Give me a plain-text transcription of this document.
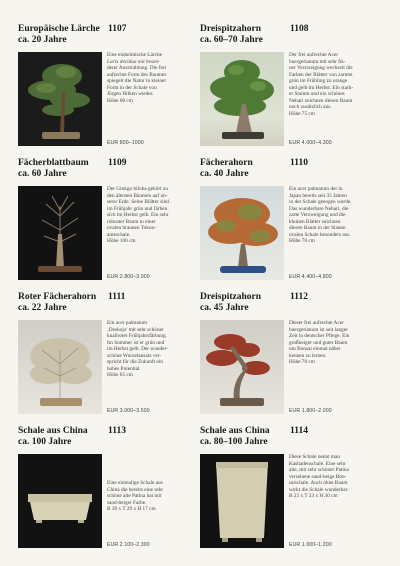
Europäische Lärche
ca. 20 Jahre
1107
Eine einheimische Lärche
Larix decidua mit besen-
derer Ausstrahlung. Die frei
aufrechte Form des Baumes
spiegelt die Natur in kleiner
Form in der Schale von
Jürgen Hilken wieder.
Höhe 60 cm
EUR 800–1000
Dreispitzahorn
ca. 60–70 Jahre
1108
Der frei aufrechte Acer
buergerianum mit sehr fei-
ner Verzweigung wechselt die
Farben der Blätter von zartem
grün im Frühling zu orange
und gelb im Herbst. Ein stark-
er Stamm und ein schönes
Nebari zeichnen diesen Baum
noch zusätzlich aus.
Höhe 75 cm
EUR 4.000–4.300
Fächerblattbaum
ca. 60 Jahre
1109
Der Ginkgo biloba gehört zu
den ältesten Bäumen auf un-
serer Erde. Seine Blätter sind
im Frühjahr grün und färben
sich im Herbst gelb. Ein sehr
robuster Baum in einer
ovalen braunen Tokon-
ameschale.
Höhe 100 cm
EUR 2.800–3.000
Fächerahorn
ca. 40 Jahre
1110
Ein acer palmatum der in
Japan bereits seit 35 Jahren
in der Schale geeogen wurde.
Das wunderbare Nebari, die
zarte Verzweigung und die
kleinen Blätter zeichnen
diesen Baum in der blauen
ovalen Schale besonders aus.
Höhe 70 cm
EUR 4.400–4.800
Roter Fächerahorn
ca. 22 Jahre
1111
Ein acer palmatum
‚Deshojo' mit sehr schöner
knallroter Frühjahrsfärbung.
Im Sommer ist er grün und
im Herbst gelb. Der wunder-
schöne Wurzelansatz ver-
spricht für die Zukunft ein
hohes Potential.
Höhe 65 cm
EUR 3.000–3.500
Dreispitzahorn
ca. 45 Jahre
1112
Dieser frei aufrechte Acer
buergerianum ist seit langer
Zeit in deutscher Pflege. Ein
großkeiger und guter Baum
um Bonsai einmal näher
kennen zu lernen.
Höhe 70 cm
EUR 1.800–2.000
Schale aus China
ca. 100 Jahre
1113
Eine einmalige Schale aus
China die bereits eine sehr
schöne alte Patina hat mit
sand-beiger Farbe.
B 39 x T 29 x H 17 cm
EUR 2.100–2.300
Schale aus China
ca. 80–100 Jahre
1114
Diese Schale nennt man
Kashadenschale. Eine sehr
alte, mit sehr schöner Patina
versehene sand-beige Bon-
saischale. Auch ohne Baum
wirkt die Schale wunderbar.
B 23 x T 23 x H 30 cm
EUR 1.000–1.200
